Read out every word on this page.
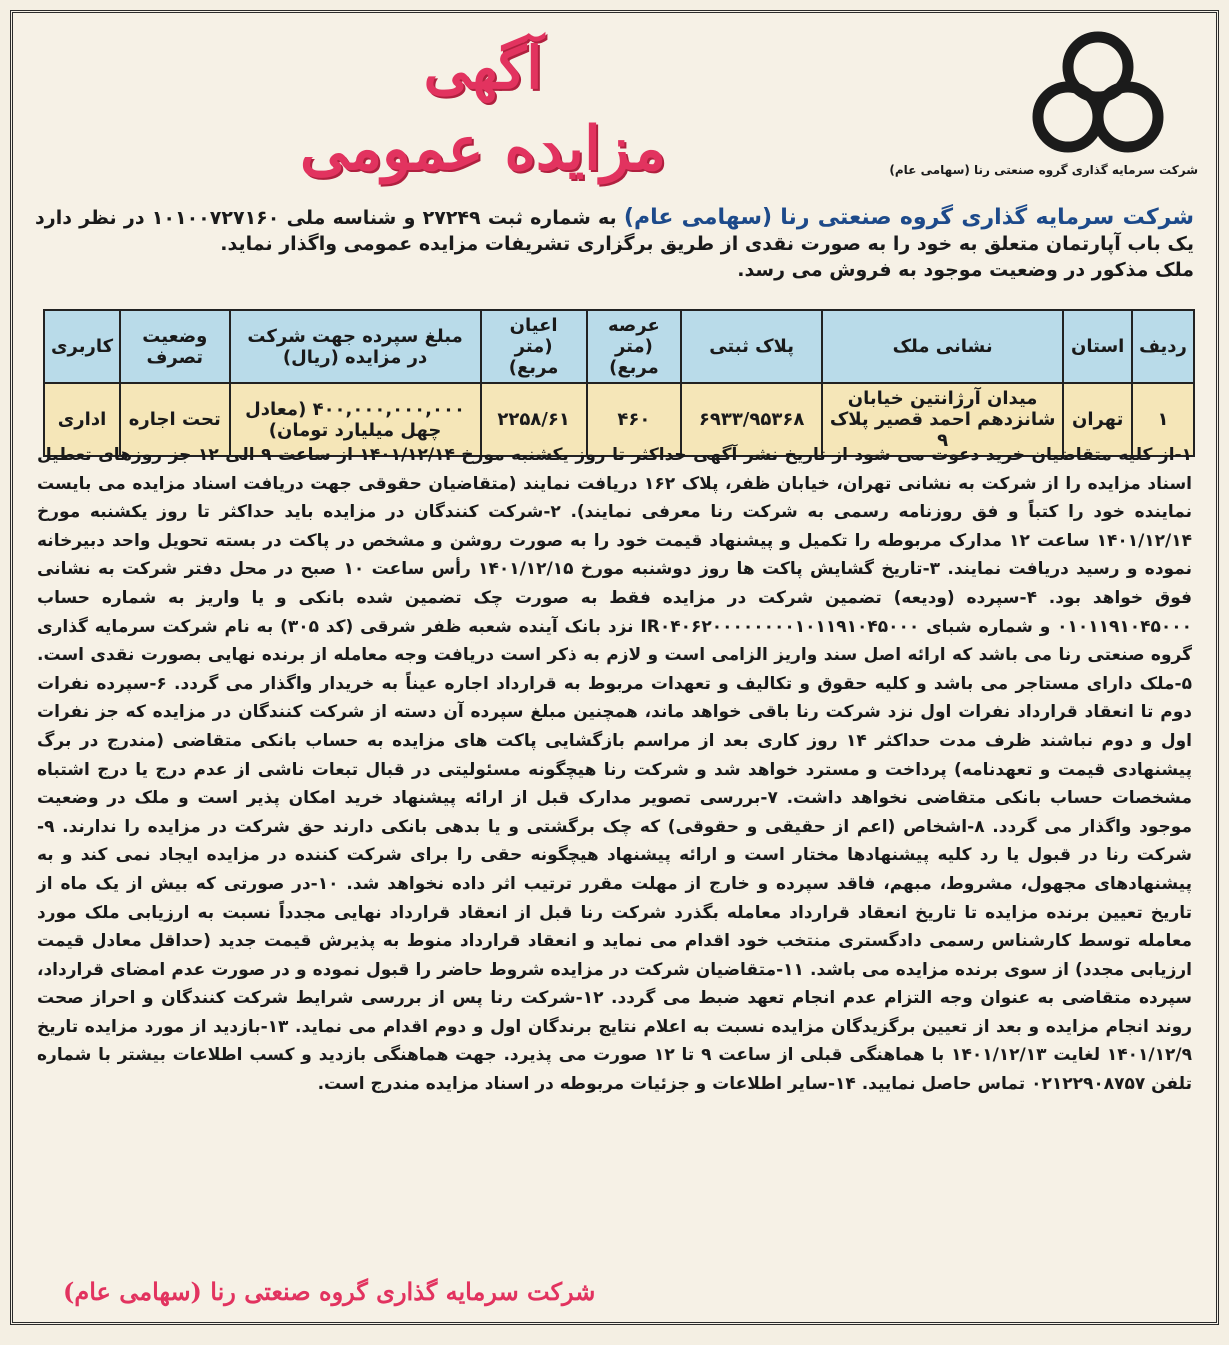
شرکت سرمایه گذاری گروه صنعتی رنا (سهامی عام)
آگهی
مزایده عمومی
شرکت سرمایه گذاری گروه صنعتی رنا (سهامی عام) به شماره ثبت ۲۷۲۴۹ و شناسه ملی ۱۰۱۰۰۷۲۷۱۶۰ در نظر دارد یک باب آپارتمان متعلق به خود را به صورت نقدی از طریق برگزاری تشریفات مزایده عمومی واگذار نماید.
ملک مذکور در وضعیت موجود به فروش می رسد.
ردیف	استان	نشانی ملک	پلاک ثبتی	عرصه (متر مربع)	اعیان (متر مربع)	مبلغ سپرده جهت شرکت در مزایده (ریال)	وضعیت تصرف	کاربری
۱	تهران	میدان آرژانتین خیابان شانزدهم احمد قصیر پلاک ۹	۶۹۳۳/۹۵۳۶۸	۴۶۰	۲۲۵۸/۶۱	۴۰۰,۰۰۰,۰۰۰,۰۰۰ (معادل چهل میلیارد تومان)	تحت اجاره	اداری
۱-از کلیه متقاضیان خرید دعوت می شود از تاریخ نشر آگهی حداکثر تا روز یکشنبه مورخ ۱۴۰۱/۱۲/۱۴ از ساعت ۹ الی ۱۲ جز روزهای تعطیل اسناد مزایده را از شرکت به نشانی تهران، خیابان ظفر، پلاک ۱۶۲ دریافت نمایند (متقاضیان حقوقی جهت دریافت اسناد مزایده می بایست نماینده خود را کتباً و فق روزنامه رسمی به شرکت رنا معرفی نمایند). ۲-شرکت کنندگان در مزایده باید حداکثر تا روز یکشنبه مورخ ۱۴۰۱/۱۲/۱۴ ساعت ۱۲ مدارک مربوطه را تکمیل و پیشنهاد قیمت خود را به صورت روشن و مشخص در پاکت در بسته تحویل واحد دبیرخانه نموده و رسید دریافت نمایند. ۳-تاریخ گشایش پاکت ها روز دوشنبه مورخ ۱۴۰۱/۱۲/۱۵ رأس ساعت ۱۰ صبح در محل دفتر شرکت به نشانی فوق خواهد بود. ۴-سپرده (ودیعه) تضمین شرکت در مزایده فقط به صورت چک تضمین شده بانکی و یا واریز به شماره حساب ۰۱۰۱۱۹۱۰۴۵۰۰۰ و شماره شبای IR۰۴۰۶۲۰۰۰۰۰۰۰۰۱۰۱۱۹۱۰۴۵۰۰۰ نزد بانک آینده شعبه ظفر شرقی (کد ۳۰۵) به نام شرکت سرمایه گذاری گروه صنعتی رنا می باشد که ارائه اصل سند واریز الزامی است و لازم به ذکر است دریافت وجه معامله از برنده نهایی بصورت نقدی است. ۵-ملک دارای مستاجر می باشد و کلیه حقوق و تکالیف و تعهدات مربوط به قرارداد اجاره عیناً به خریدار واگذار می گردد. ۶-سپرده نفرات دوم تا انعقاد قرارداد نفرات اول نزد شرکت رنا باقی خواهد ماند، همچنین مبلغ سپرده آن دسته از شرکت کنندگان در مزایده که جز نفرات اول و دوم نباشند ظرف مدت حداکثر ۱۴ روز کاری بعد از مراسم بازگشایی پاکت های مزایده به حساب بانکی متقاضی (مندرج در برگ پیشنهادی قیمت و تعهدنامه) پرداخت و مسترد خواهد شد و شرکت رنا هیچگونه مسئولیتی در قبال تبعات ناشی از عدم درج یا درج اشتباه مشخصات حساب بانکی متقاضی نخواهد داشت. ۷-بررسی تصویر مدارک قبل از ارائه پیشنهاد خرید امکان پذیر است و ملک در وضعیت موجود واگذار می گردد. ۸-اشخاص (اعم از حقیقی و حقوقی) که چک برگشتی و یا بدهی بانکی دارند حق شرکت در مزایده را ندارند. ۹-شرکت رنا در قبول یا رد کلیه پیشنهادها مختار است و ارائه پیشنهاد هیچگونه حقی را برای شرکت کننده در مزایده ایجاد نمی کند و به پیشنهادهای مجهول، مشروط، مبهم، فاقد سپرده و خارج از مهلت مقرر ترتیب اثر داده نخواهد شد. ۱۰-در صورتی که بیش از یک ماه از تاریخ تعیین برنده مزایده تا تاریخ انعقاد قرارداد معامله بگذرد شرکت رنا قبل از انعقاد قرارداد نهایی مجدداً نسبت به ارزیابی ملک مورد معامله توسط کارشناس رسمی دادگستری منتخب خود اقدام می نماید و انعقاد قرارداد منوط به پذیرش قیمت جدید (حداقل معادل قیمت ارزیابی مجدد) از سوی برنده مزایده می باشد. ۱۱-متقاضیان شرکت در مزایده شروط حاضر را قبول نموده و در صورت عدم امضای قرارداد، سپرده متقاضی به عنوان وجه التزام عدم انجام تعهد ضبط می گردد. ۱۲-شرکت رنا پس از بررسی شرایط شرکت کنندگان و احراز صحت روند انجام مزایده و بعد از تعیین برگزیدگان مزایده نسبت به اعلام نتایج برندگان اول و دوم اقدام می نماید. ۱۳-بازدید از مورد مزایده تاریخ ۱۴۰۱/۱۲/۹ لغایت ۱۴۰۱/۱۲/۱۳ با هماهنگی قبلی از ساعت ۹ تا ۱۲ صورت می پذیرد. جهت هماهنگی بازدید و کسب اطلاعات بیشتر با شماره تلفن ۰۲۱۲۲۹۰۸۷۵۷ تماس حاصل نمایید. ۱۴-سایر اطلاعات و جزئیات مربوطه در اسناد مزایده مندرج است.
شرکت سرمایه گذاری گروه صنعتی رنا (سهامی عام)
